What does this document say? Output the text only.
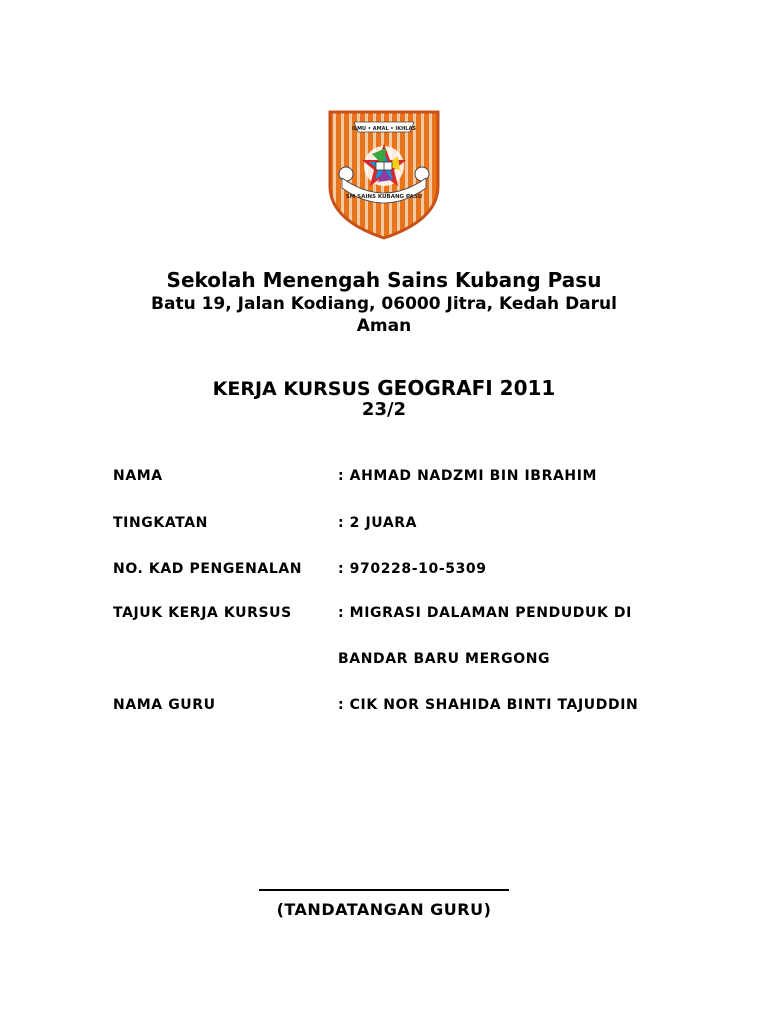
ILMU • AMAL • IKHLAS
SM SAINS KUBANG PASU
Sekolah Menengah Sains Kubang Pasu
Batu 19, Jalan Kodiang, 06000 Jitra, Kedah Darul
Aman
KERJA KURSUS GEOGRAFI 2011
23/2
NAMA	: AHMAD NADZMI BIN IBRAHIM
TINGKATAN	: 2 JUARA
NO. KAD PENGENALAN	: 970228-10-5309
TAJUK KERJA KURSUS	: MIGRASI DALAMAN PENDUDUK DI
BANDAR BARU MERGONG
NAMA GURU	: CIK NOR SHAHIDA BINTI TAJUDDIN
(TANDATANGAN GURU)
